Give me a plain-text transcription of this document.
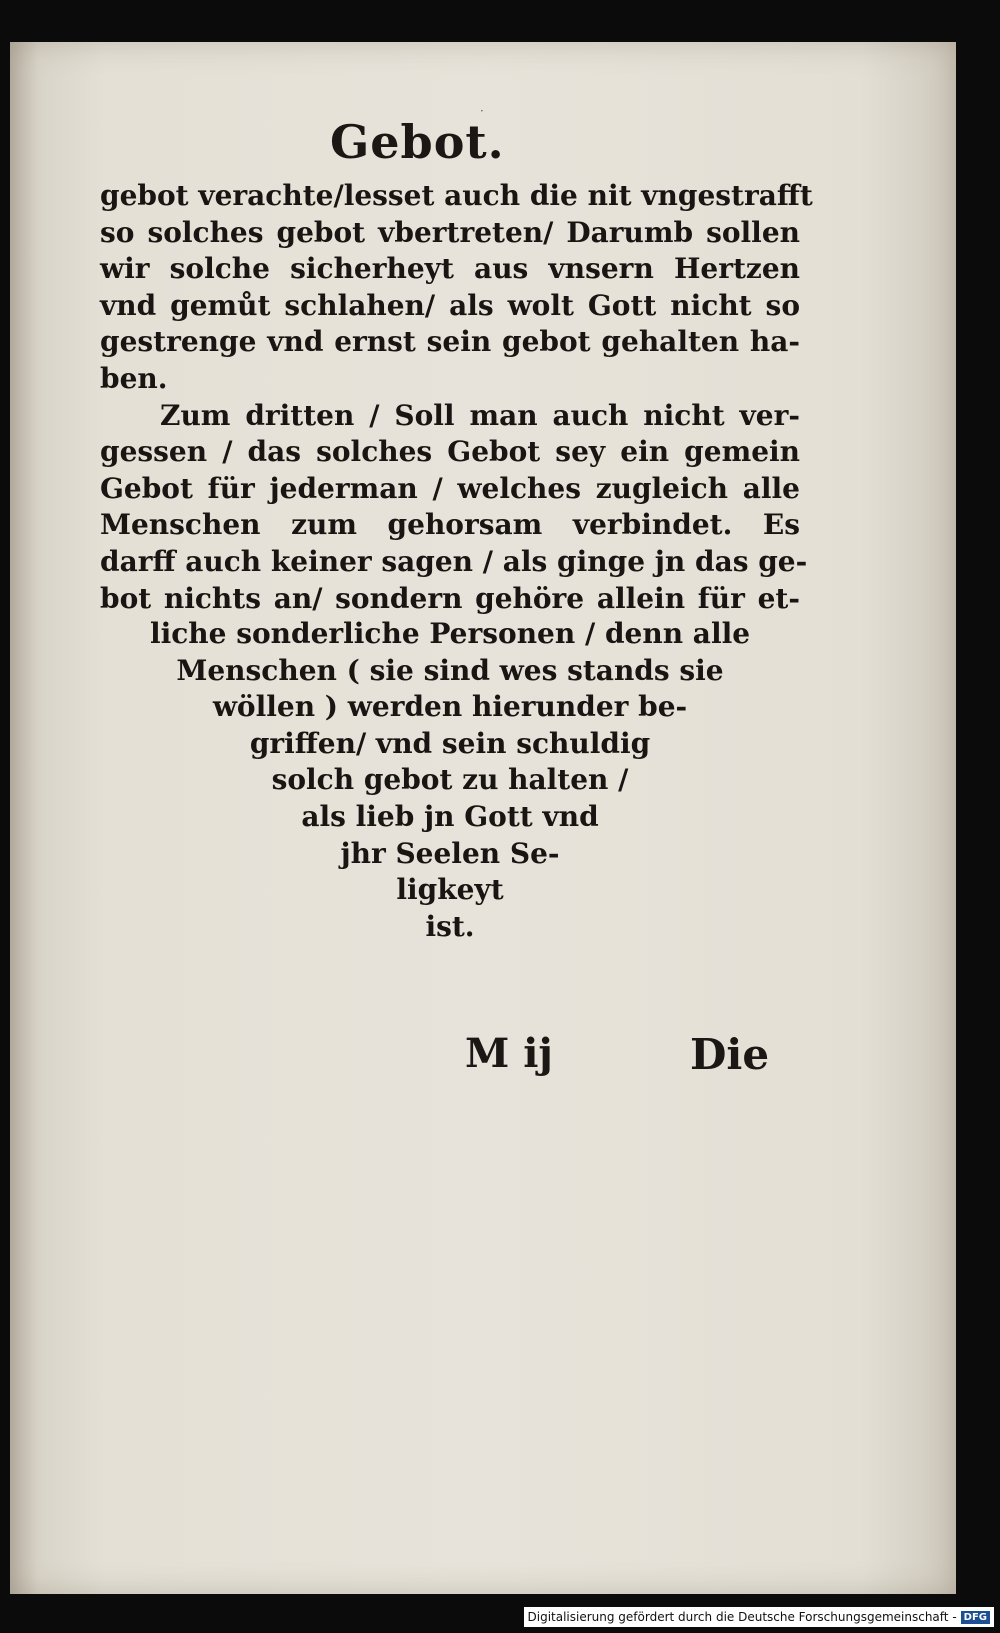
·
Gebot.
gebot verachte/lesset auch die nit vngestrafft
so solches gebot vbertreten/ Darumb sollen
wir solche sicherheyt aus vnsern Hertzen
vnd gemůt schlahen/ als wolt Gott nicht so
gestrenge vnd ernst sein gebot gehalten ha-
ben.
Zum dritten / Soll man auch nicht ver-
gessen / das solches Gebot sey ein gemein
Gebot für jederman / welches zugleich alle
Menschen zum gehorsam verbindet. Es
darff auch keiner sagen / als ginge jn das ge-
bot nichts an/ sondern gehöre allein für et-
liche sonderliche Personen / denn alle
Menschen ( sie sind wes stands sie
wöllen ) werden hierunder be-
griffen/ vnd sein schuldig
solch gebot zu halten /
als lieb jn Gott vnd
jhr Seelen Se-
ligkeyt
ist.
M ij	Die
Digitalisierung gefördert durch die Deutsche Forschungsgemeinschaft - DFG
